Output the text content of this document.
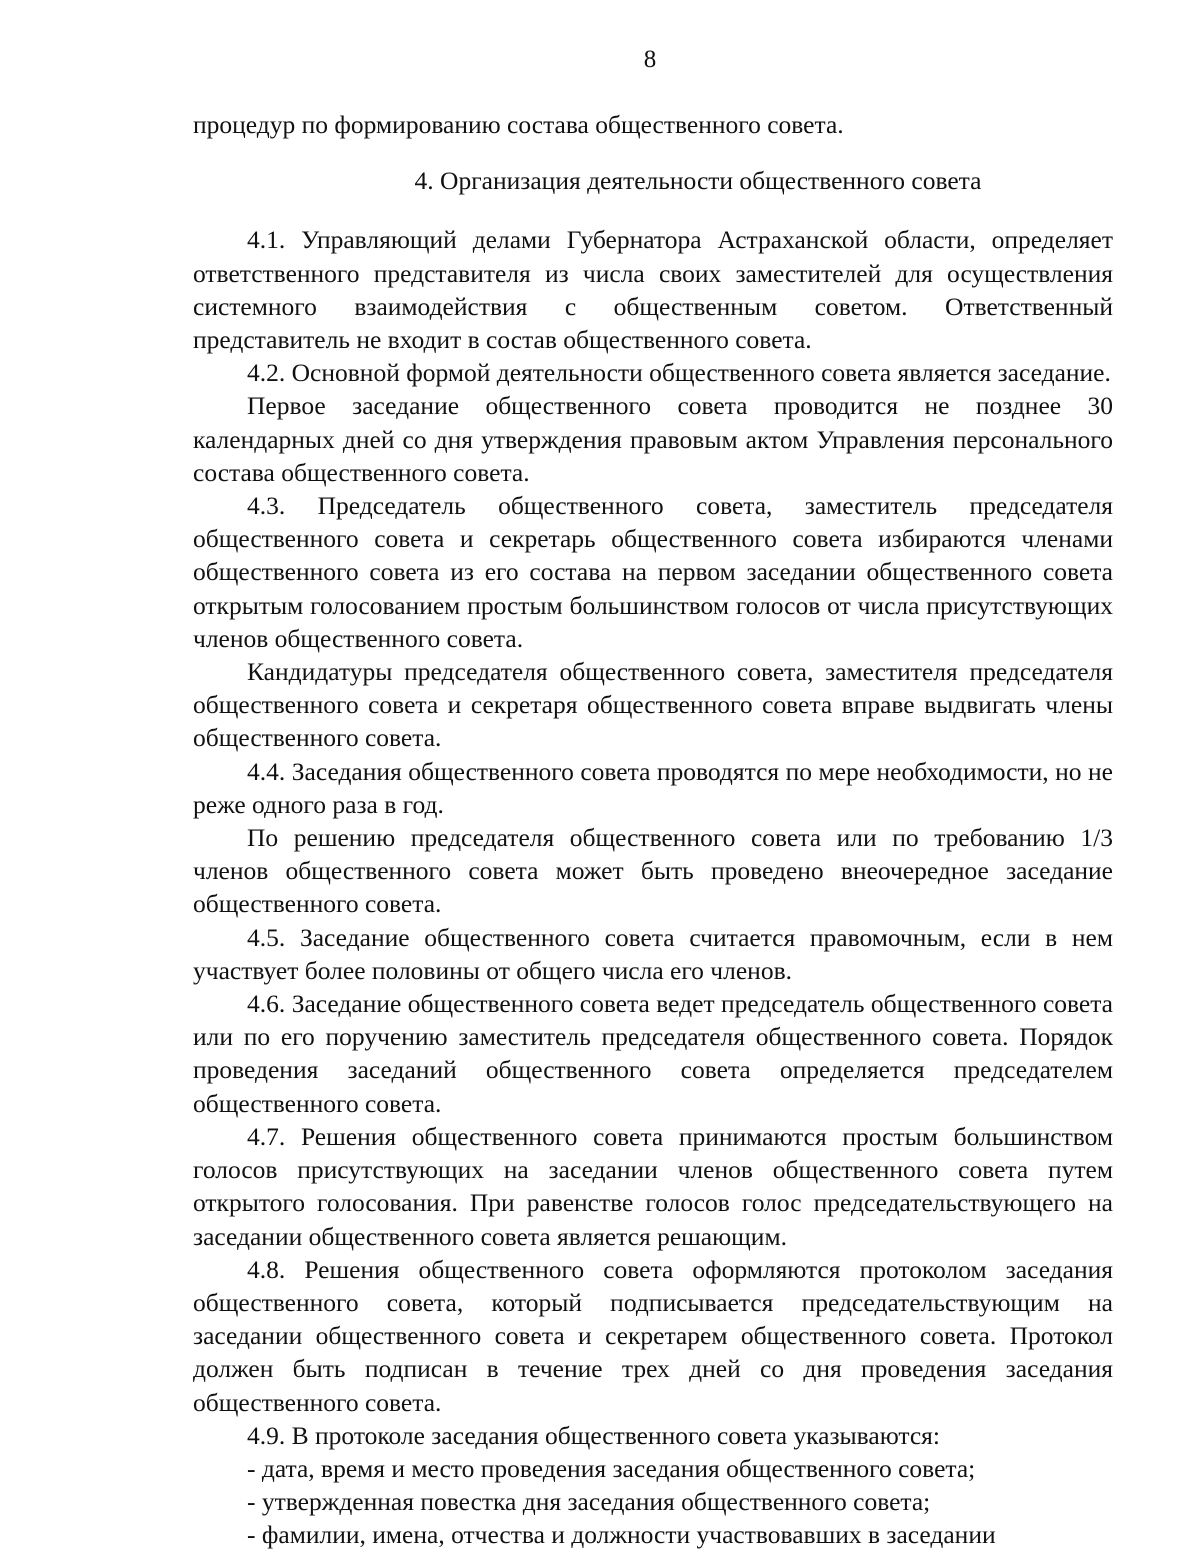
8

процедур по формированию состава общественного совета.

4. Организация деятельности общественного совета

4.1. Управляющий делами Губернатора Астраханской области, определяет ответственного представителя из числа своих заместителей для осуществления системного взаимодействия с общественным советом. Ответственный представитель не входит в состав общественного совета.

4.2. Основной формой деятельности общественного совета является заседание.

Первое заседание общественного совета проводится не позднее 30 календарных дней со дня утверждения правовым актом Управления персонального состава общественного совета.

4.3. Председатель общественного совета, заместитель председателя общественного совета и секретарь общественного совета избираются членами общественного совета из его состава на первом заседании общественного совета открытым голосованием простым большинством голосов от числа присутствующих членов общественного совета.

Кандидатуры председателя общественного совета, заместителя председателя общественного совета и секретаря общественного совета вправе выдвигать члены общественного совета.

4.4. Заседания общественного совета проводятся по мере необходимости, но не реже одного раза в год.

По решению председателя общественного совета или по требованию 1/3 членов общественного совета может быть проведено внеочередное заседание общественного совета.

4.5. Заседание общественного совета считается правомочным, если в нем участвует более половины от общего числа его членов.

4.6. Заседание общественного совета ведет председатель общественного совета или по его поручению заместитель председателя общественного совета. Порядок проведения заседаний общественного совета определяется председателем общественного совета.

4.7. Решения общественного совета принимаются простым большинством голосов присутствующих на заседании членов общественного совета путем открытого голосования. При равенстве голосов голос председательствующего на заседании общественного совета является решающим.

4.8. Решения общественного совета оформляются протоколом заседания общественного совета, который подписывается председательствующим на заседании общественного совета и секретарем общественного совета. Протокол должен быть подписан в течение трех дней со дня проведения заседания общественного совета.

4.9. В протоколе заседания общественного совета указываются:

- дата, время и место проведения заседания общественного совета;

- утвержденная повестка дня заседания общественного совета;

- фамилии, имена, отчества и должности участвовавших в заседании
